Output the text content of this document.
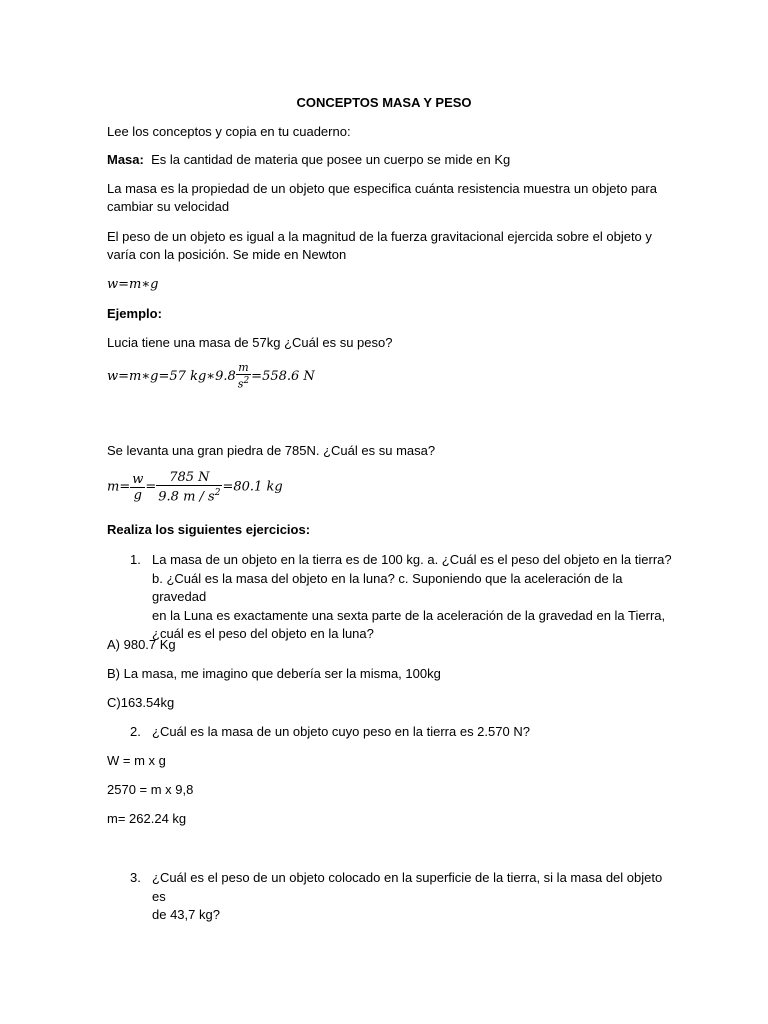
CONCEPTOS MASA Y PESO
Lee los conceptos y copia en tu cuaderno:
Masa: Es la cantidad de materia que posee un cuerpo se mide en Kg
La masa es la propiedad de un objeto que especifica cuánta resistencia muestra un objeto para
cambiar su velocidad
El peso de un objeto es igual a la magnitud de la fuerza gravitacional ejercida sobre el objeto y
varía con la posición. Se mide en Newton
w=m∗g
Ejemplo:
Lucia tiene una masa de 57kg ¿Cuál es su peso?
w=m∗g=57 kg∗9.8 $\frac{m}{s^2} =558.6$ N
Se levanta una gran piedra de 785N. ¿Cuál es su masa?
$m= \frac{w}{g} = \frac{785 N}{9.8 m / s^2} =80.1$ kg
Realiza los siguientes ejercicios:
1. La masa de un objeto en la tierra es de 100 kg. a. ¿Cuál es el peso del objeto en la tierra?
b. ¿Cuál es la masa del objeto en la luna? c. Suponiendo que la aceleración de la gravedad
en la Luna es exactamente una sexta parte de la aceleración de la gravedad en la Tierra,
¿cuál es el peso del objeto en la luna?
A) 980.7 Kg
B) La masa, me imagino que debería ser la misma, 100kg
C)163.54kg
2. ¿Cuál es la masa de un objeto cuyo peso en la tierra es 2.570 N?
W = m x g
2570 = m x 9,8
m= 262.24 kg
3. ¿Cuál es el peso de un objeto colocado en la superficie de la tierra, si la masa del objeto es
de 43,7 kg?
